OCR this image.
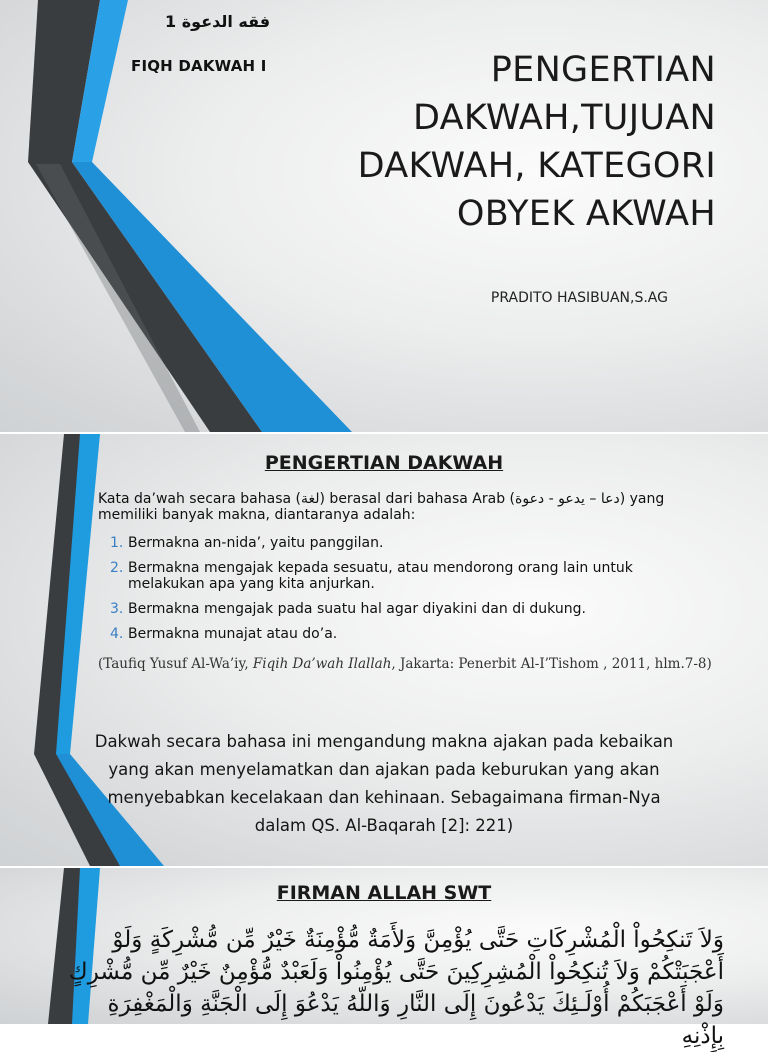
فقه الدعوة 1
FIQH DAKWAH I	PENGERTIAN
DAKWAH,TUJUAN
DAKWAH, KATEGORI
OBYEK AKWAH
PRADITO HASIBUAN,S.AG
PENGERTIAN DAKWAH
Kata da’wah secara bahasa (لغة) berasal dari bahasa Arab (دعا – يدعو - دعوة) yang memiliki banyak makna, diantaranya adalah:
1. Bermakna an-nida’, yaitu panggilan.
2. Bermakna mengajak kepada sesuatu, atau mendorong orang lain untuk melakukan apa yang kita anjurkan.
3. Bermakna mengajak pada suatu hal agar diyakini dan di dukung.
4. Bermakna munajat atau do’a.
(Taufiq Yusuf Al-Wa’iy, Fiqih Da’wah Ilallah, Jakarta: Penerbit Al-I’Tishom , 2011, hlm.7-8)
Dakwah secara bahasa ini mengandung makna ajakan pada kebaikan yang akan menyelamatkan dan ajakan pada keburukan yang akan menyebabkan kecelakaan dan kehinaan. Sebagaimana firman-Nya dalam QS. Al-Baqarah [2]: 221)
FIRMAN ALLAH SWT
وَلاَ تَنكِحُواْ الْمُشْرِكَاتِ حَتَّى يُؤْمِنَّ وَلأَمَةٌ مُّؤْمِنَةٌ خَيْرٌ مِّن مُّشْرِكَةٍ وَلَوْ
أَعْجَبَتْكُمْ وَلاَ تُنكِحُواْ الْمُشِرِكِينَ حَتَّى يُؤْمِنُواْ وَلَعَبْدٌ مُّؤْمِنٌ خَيْرٌ مِّن مُّشْرِكٍ
وَلَوْ أَعْجَبَكُمْ أُوْلَـئِكَ يَدْعُونَ إِلَى النَّارِ وَاللّهُ يَدْعُوَ إِلَى الْجَنَّةِ وَالْمَغْفِرَةِ بِإِذْنِهِ
